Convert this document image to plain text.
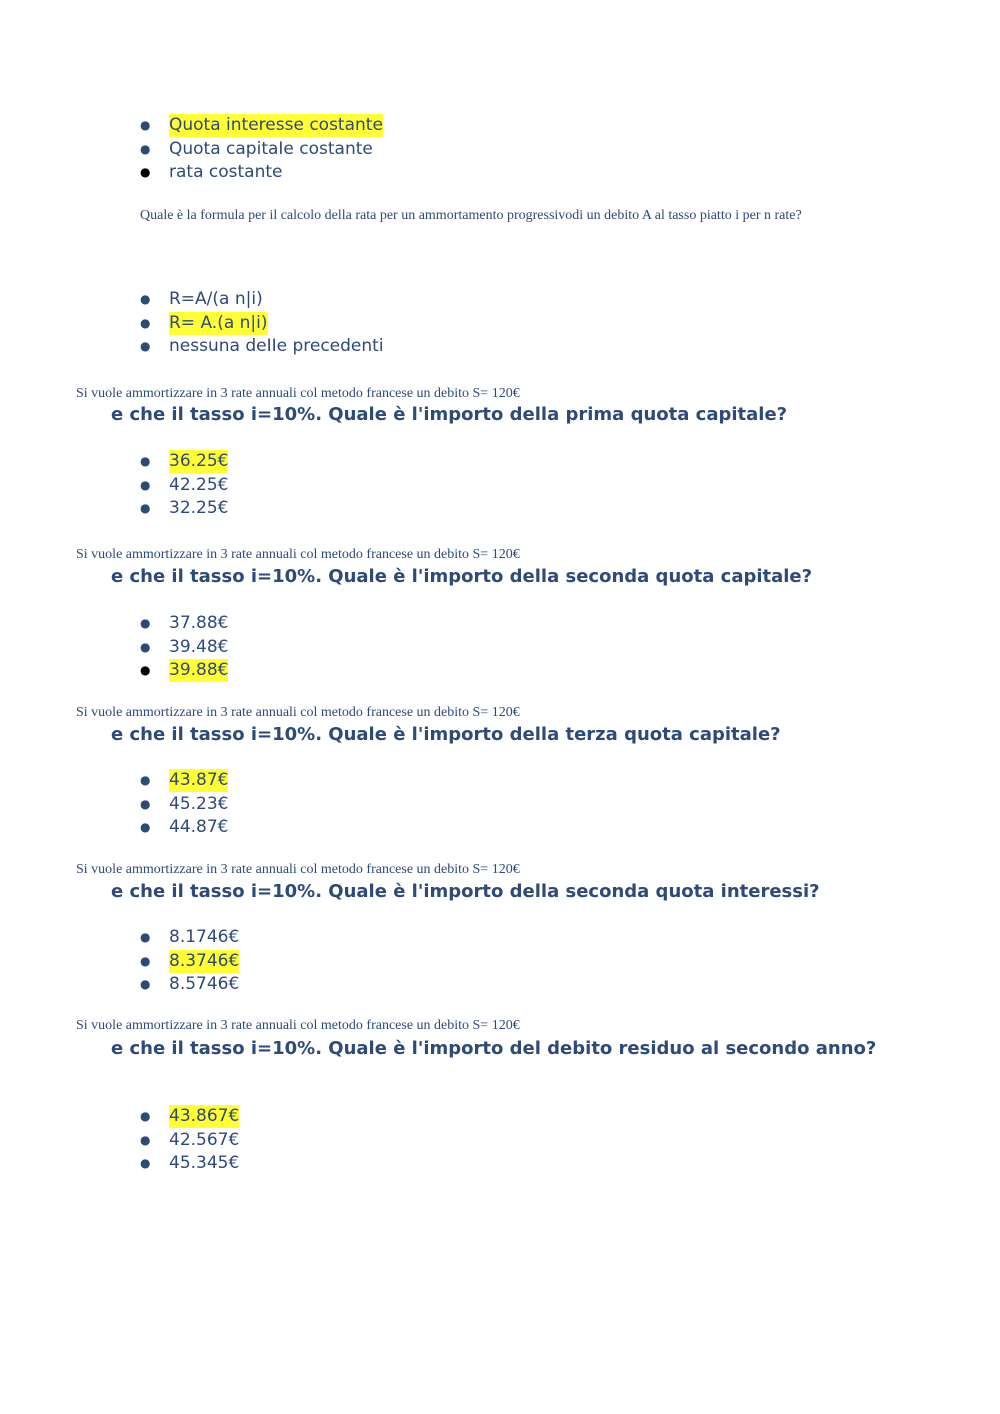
● Quota interesse costante
● Quota capitaIe costante
● rata costante

Quale è la formula per il calcolo della rata per un ammortamento progressivodi un debito A al tasso piatto i per n rate?

● R=A/(a n|i)
● R= A.(a n|i)
● nessuna deIIe precedenti

Si vuole ammortizzare in 3 rate annuali col metodo francese un debito S= 120€

e che il tasso i=10%. Quale è l'importo della prima quota capitale?

● 36.25€
● 42.25€
● 32.25€

Si vuole ammortizzare in 3 rate annuali col metodo francese un debito S= 120€

e che il tasso i=10%. Quale è l'importo della seconda quota capitale?

● 37.88€
● 39.48€
● 39.88€

Si vuole ammortizzare in 3 rate annuali col metodo francese un debito S= 120€

e che il tasso i=10%. Quale è l'importo della terza quota capitale?

● 43.87€
● 45.23€
● 44.87€

Si vuole ammortizzare in 3 rate annuali col metodo francese un debito S= 120€

e che il tasso i=10%. Quale è l'importo della seconda quota interessi?

● 8.1746€
● 8.3746€
● 8.5746€

Si vuole ammortizzare in 3 rate annuali col metodo francese un debito S= 120€

e che il tasso i=10%. Quale è l'importo del debito residuo al secondo anno?

● 43.867€
● 42.567€
● 45.345€
